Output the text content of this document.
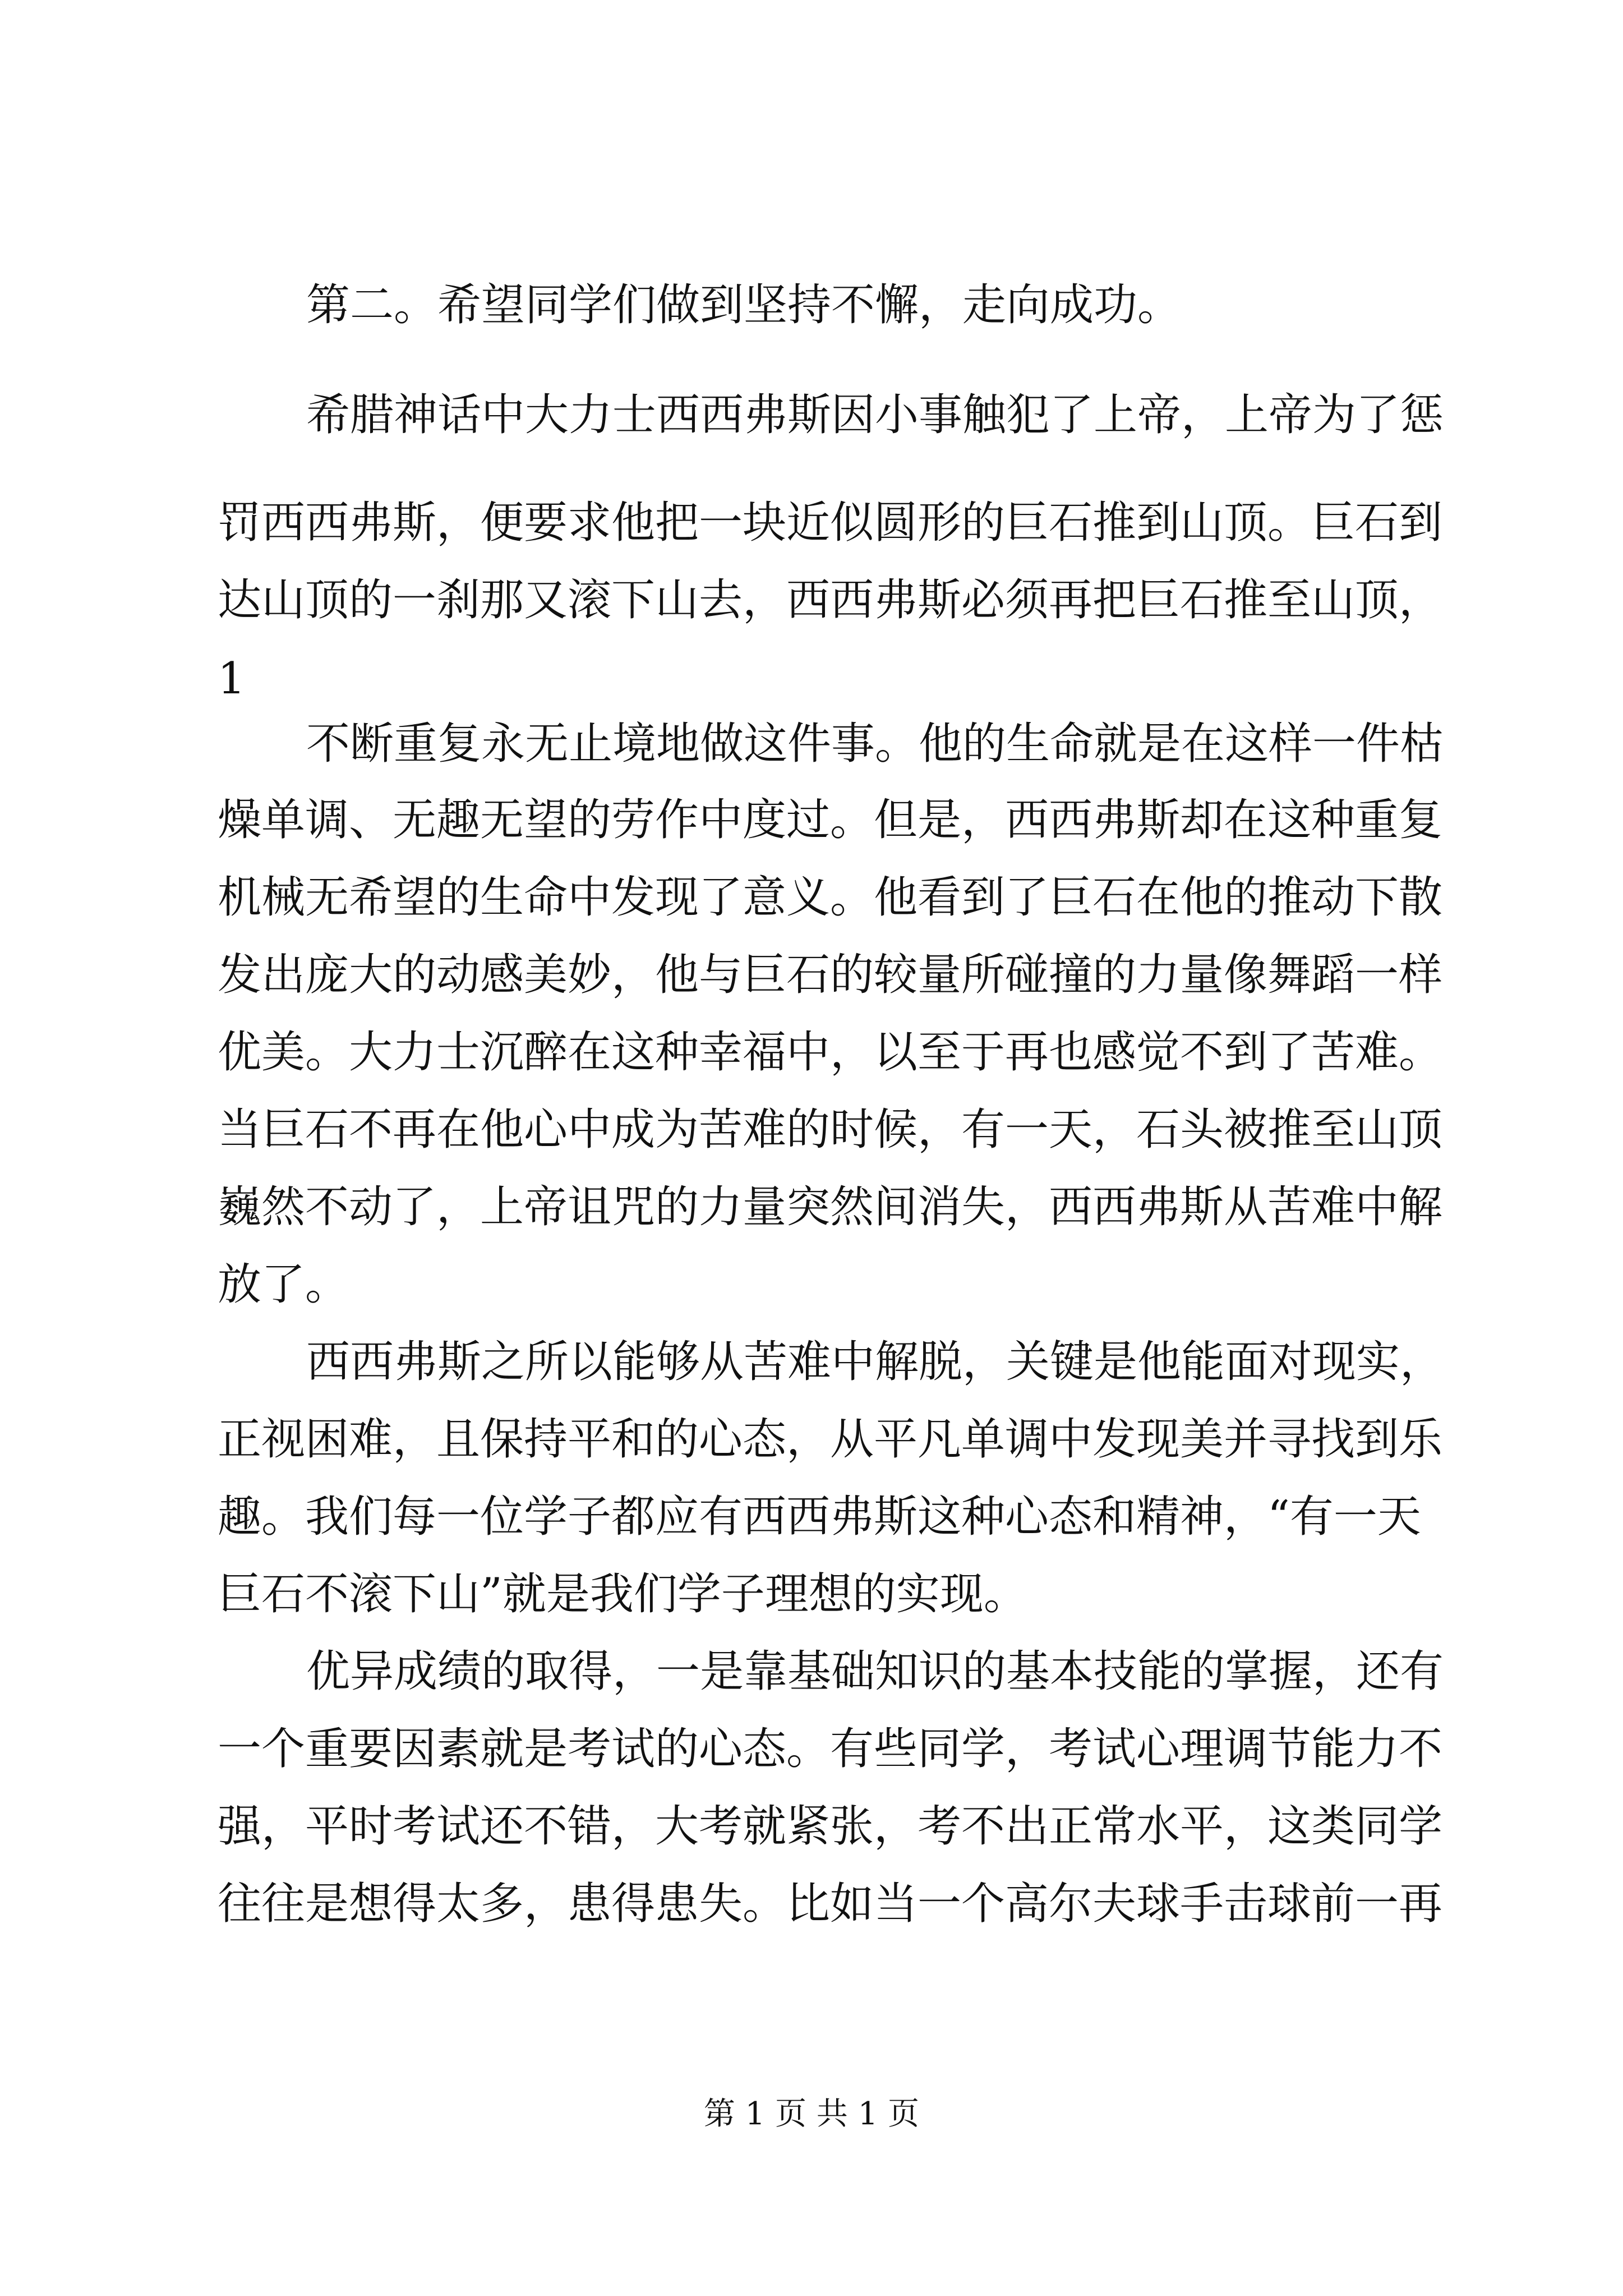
第二。希望同学们做到坚持不懈，走向成功。
希腊神话中大力士西西弗斯因小事触犯了上帝，上帝为了惩
罚西西弗斯，便要求他把一块近似圆形的巨石推到山顶。巨石到
达山顶的一刹那又滚下山去，西西弗斯必须再把巨石推至山顶，
1
不断重复永无止境地做这件事。他的生命就是在这样一件枯
燥单调、无趣无望的劳作中度过。但是，西西弗斯却在这种重复
机械无希望的生命中发现了意义。他看到了巨石在他的推动下散
发出庞大的动感美妙，他与巨石的较量所碰撞的力量像舞蹈一样
优美。大力士沉醉在这种幸福中，以至于再也感觉不到了苦难。
当巨石不再在他心中成为苦难的时候，有一天，石头被推至山顶
巍然不动了，上帝诅咒的力量突然间消失，西西弗斯从苦难中解
放了。
西西弗斯之所以能够从苦难中解脱，关键是他能面对现实，
正视困难，且保持平和的心态，从平凡单调中发现美并寻找到乐
趣。我们每一位学子都应有西西弗斯这种心态和精神，“有一天
巨石不滚下山”就是我们学子理想的实现。
优异成绩的取得，一是靠基础知识的基本技能的掌握，还有
一个重要因素就是考试的心态。有些同学，考试心理调节能力不
强，平时考试还不错，大考就紧张，考不出正常水平，这类同学
往往是想得太多，患得患失。比如当一个高尔夫球手击球前一再
第 1 页 共 1 页
